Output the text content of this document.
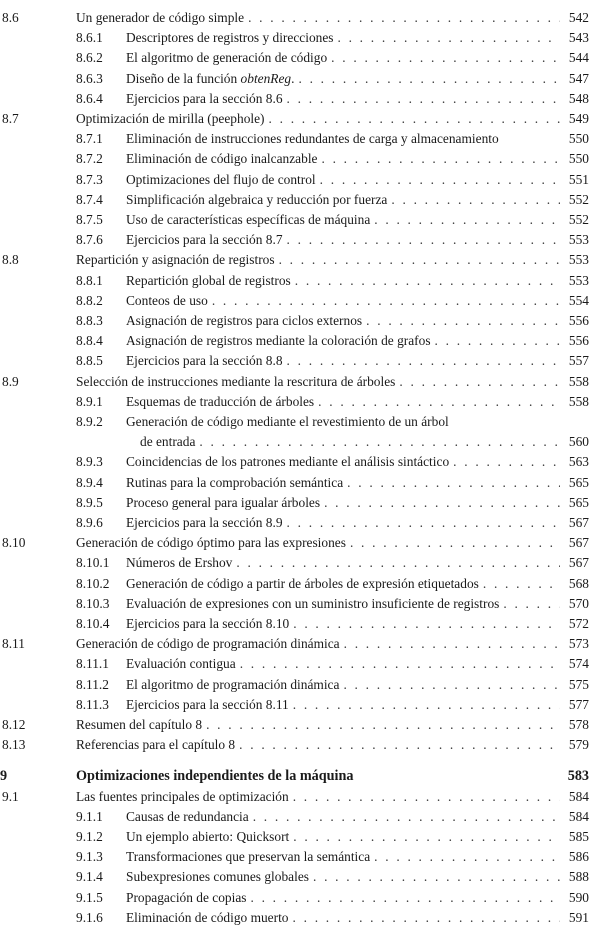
8.6	Un generador de código simple . . .	542
8.6.1 Descriptores de registros y direcciones . . .	543
8.6.2 El algoritmo de generación de código . . .	544
8.6.3 Diseño de la función obtenReg. . . .	547
8.6.4 Ejercicios para la sección 8.6 . . .	548
8.7	Optimización de mirilla (peephole) . . .	549
8.7.1 Eliminación de instrucciones redundantes de carga y almacenamiento	550
8.7.2 Eliminación de código inalcanzable . . .	550
8.7.3 Optimizaciones del flujo de control . . .	551
8.7.4 Simplificación algebraica y reducción por fuerza . . .	552
8.7.5 Uso de características específicas de máquina . . .	552
8.7.6 Ejercicios para la sección 8.7 . . .	553
8.8	Repartición y asignación de registros . . .	553
8.8.1 Repartición global de registros . . .	553
8.8.2 Conteos de uso . . .	554
8.8.3 Asignación de registros para ciclos externos . . .	556
8.8.4 Asignación de registros mediante la coloración de grafos . . .	556
8.8.5 Ejercicios para la sección 8.8 . . .	557
8.9	Selección de instrucciones mediante la rescritura de árboles . . .	558
8.9.1 Esquemas de traducción de árboles . . .	558
8.9.2 Generación de código mediante el revestimiento de un árbol
de entrada . . .	560
8.9.3 Coincidencias de los patrones mediante el análisis sintáctico . . .	563
8.9.4 Rutinas para la comprobación semántica . . .	565
8.9.5 Proceso general para igualar árboles . . .	565
8.9.6 Ejercicios para la sección 8.9 . . .	567
8.10	Generación de código óptimo para las expresiones . . .	567
8.10.1 Números de Ershov . . .	567
8.10.2 Generación de código a partir de árboles de expresión etiquetados . . .	568
8.10.3 Evaluación de expresiones con un suministro insuficiente de registros . . .	570
8.10.4 Ejercicios para la sección 8.10 . . .	572
8.11	Generación de código de programación dinámica . . .	573
8.11.1 Evaluación contigua . . .	574
8.11.2 El algoritmo de programación dinámica . . .	575
8.11.3 Ejercicios para la sección 8.11 . . .	577
8.12	Resumen del capítulo 8 . . .	578
8.13	Referencias para el capítulo 8 . . .	579
9	Optimizaciones independientes de la máquina	583
9.1	Las fuentes principales de optimización . . .	584
9.1.1 Causas de redundancia . . .	584
9.1.2 Un ejemplo abierto: Quicksort . . .	585
9.1.3 Transformaciones que preservan la semántica . . .	586
9.1.4 Subexpresiones comunes globales . . .	588
9.1.5 Propagación de copias . . .	590
9.1.6 Eliminación de código muerto . . .	591
